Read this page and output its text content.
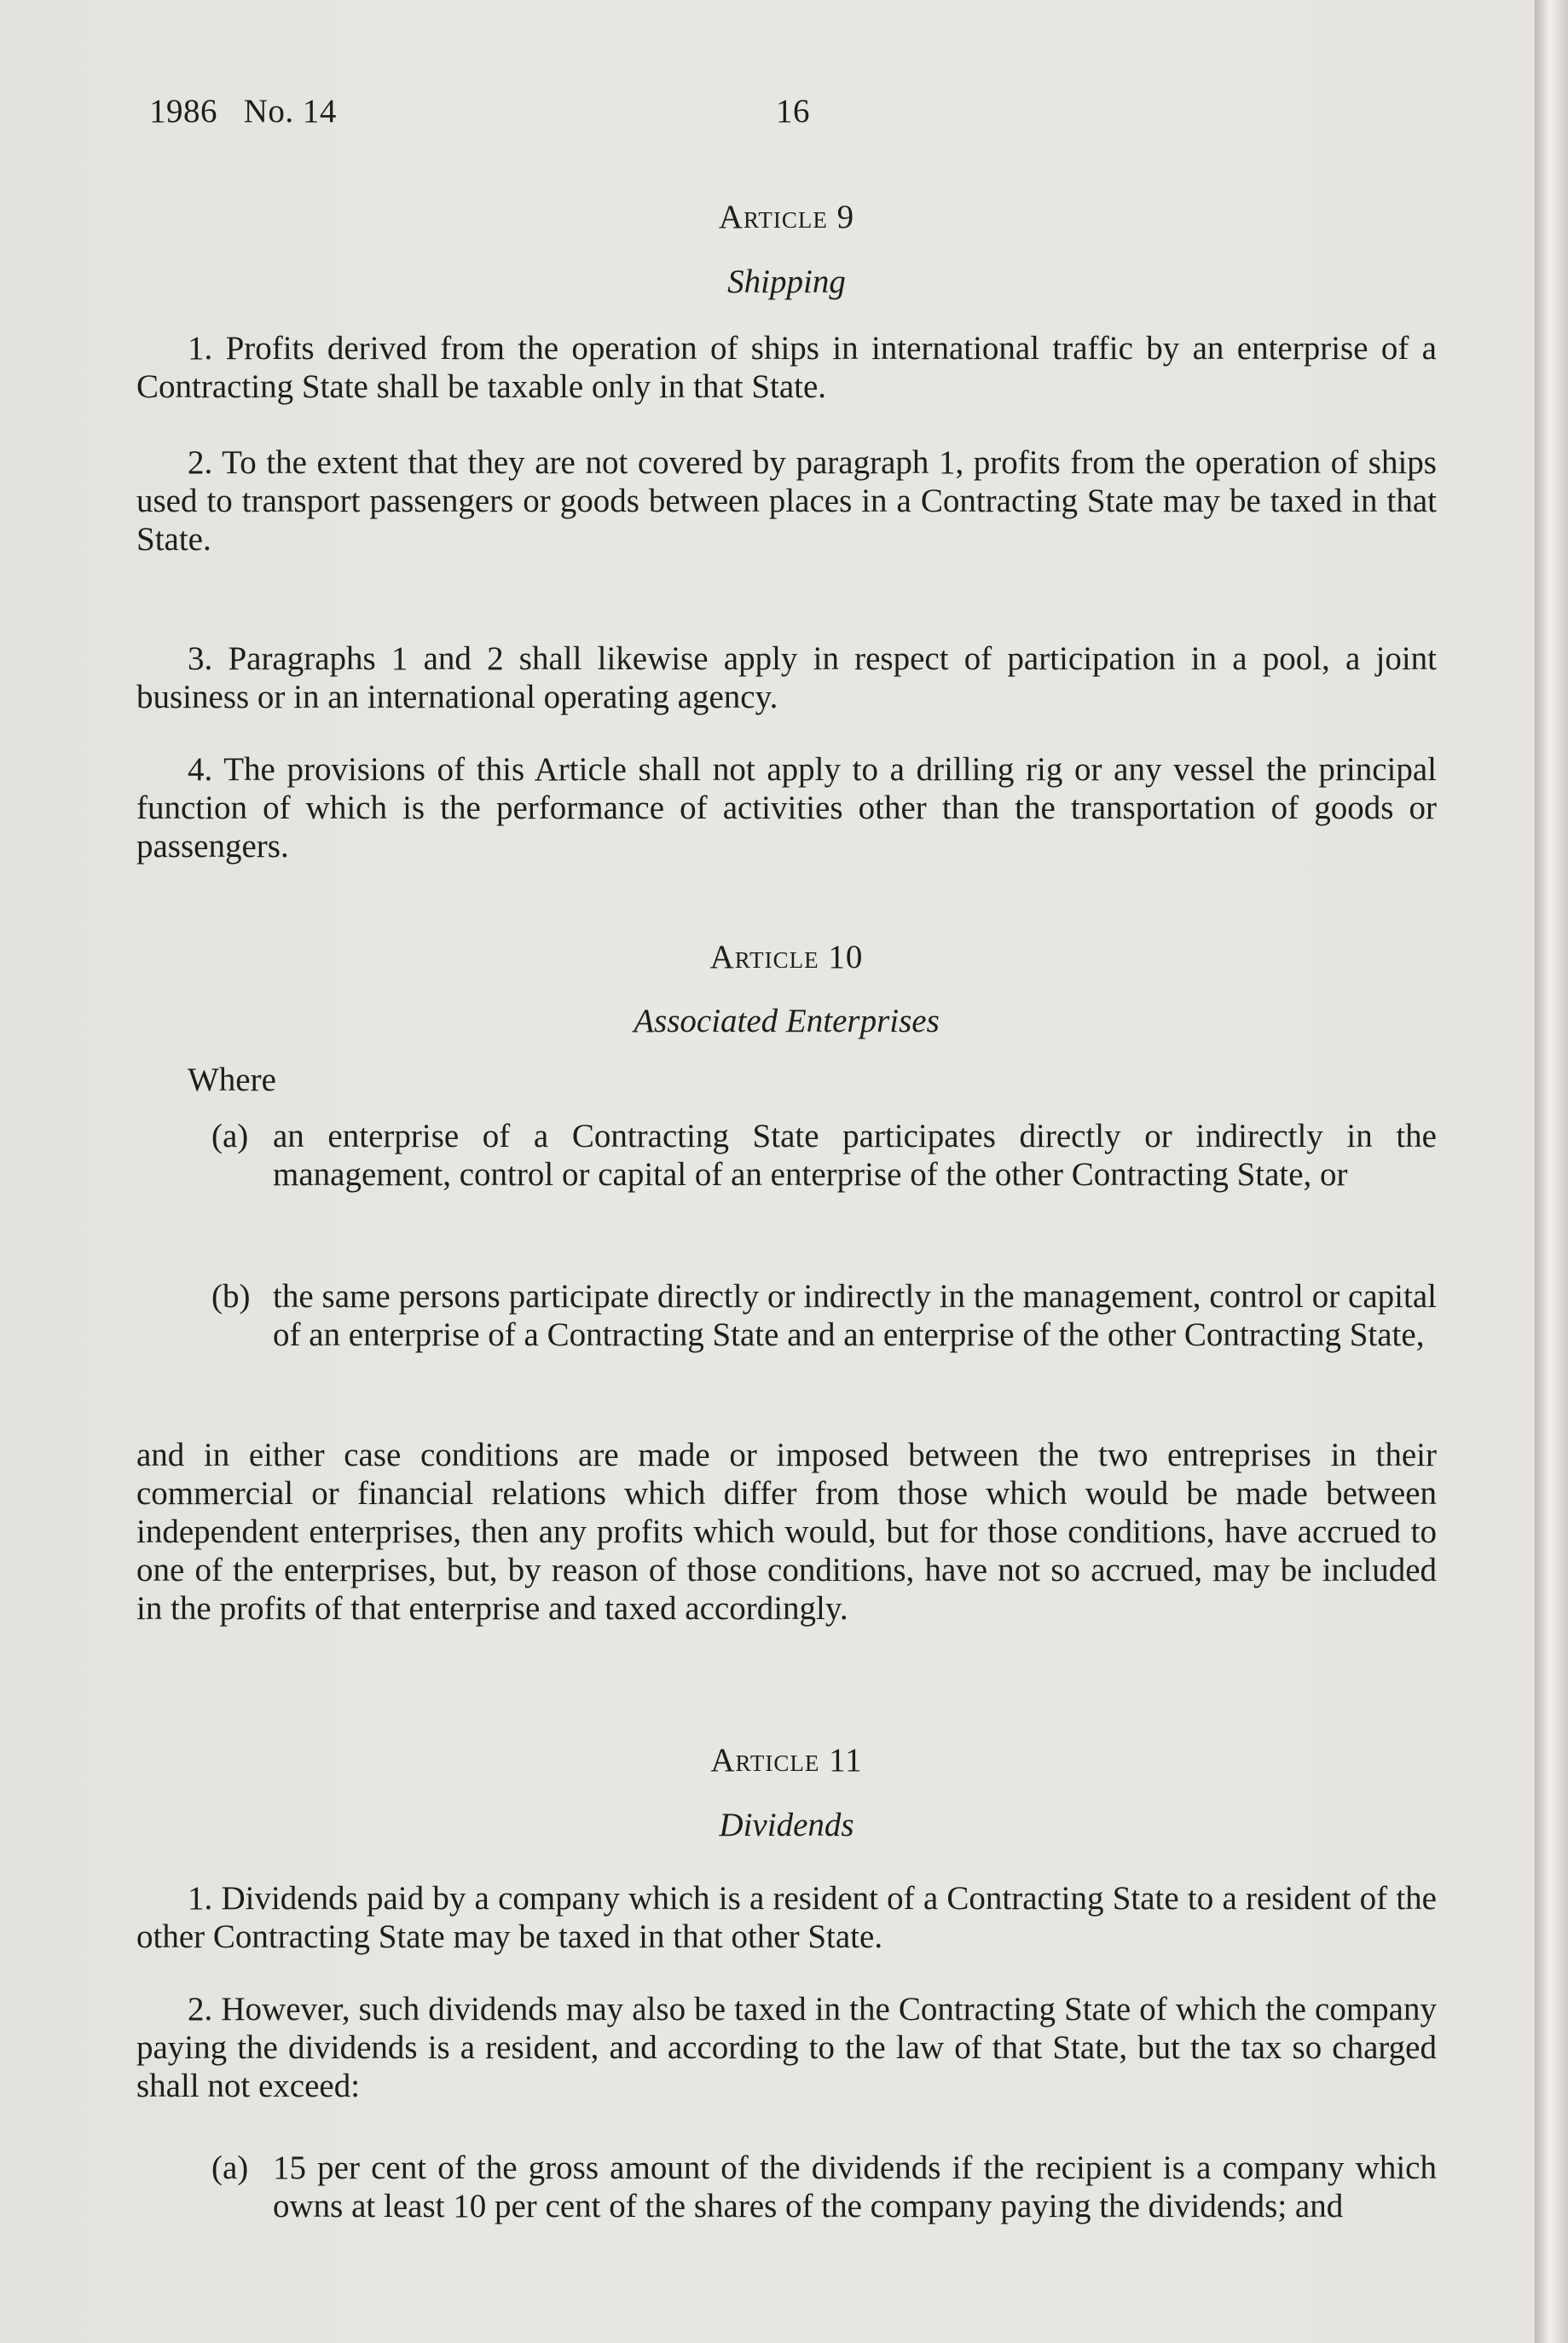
1986   No. 14	16
Article 9
Shipping

1. Profits derived from the operation of ships in international traffic by an enterprise of a Contracting State shall be taxable only in that State.

2. To the extent that they are not covered by paragraph 1, profits from the operation of ships used to transport passengers or goods between places in a Contracting State may be taxed in that State.

3. Paragraphs 1 and 2 shall likewise apply in respect of participation in a pool, a joint business or in an international operating agency.

4. The provisions of this Article shall not apply to a drilling rig or any vessel the principal function of which is the performance of activities other than the transportation of goods or passengers.

Article 10
Associated Enterprises

Where

(a) an enterprise of a Contracting State participates directly or indirectly in the management, control or capital of an enterprise of the other Contracting State, or

(b) the same persons participate directly or indirectly in the management, control or capital of an enterprise of a Contracting State and an enterprise of the other Contracting State,

and in either case conditions are made or imposed between the two entreprises in their commercial or financial relations which differ from those which would be made between independent enterprises, then any profits which would, but for those conditions, have accrued to one of the enterprises, but, by reason of those conditions, have not so accrued, may be included in the profits of that enterprise and taxed accordingly.

Article 11
Dividends

1. Dividends paid by a company which is a resident of a Contracting State to a resident of the other Contracting State may be taxed in that other State.

2. However, such dividends may also be taxed in the Contracting State of which the company paying the dividends is a resident, and according to the law of that State, but the tax so charged shall not exceed:

(a) 15 per cent of the gross amount of the dividends if the recipient is a company which owns at least 10 per cent of the shares of the company paying the dividends; and
